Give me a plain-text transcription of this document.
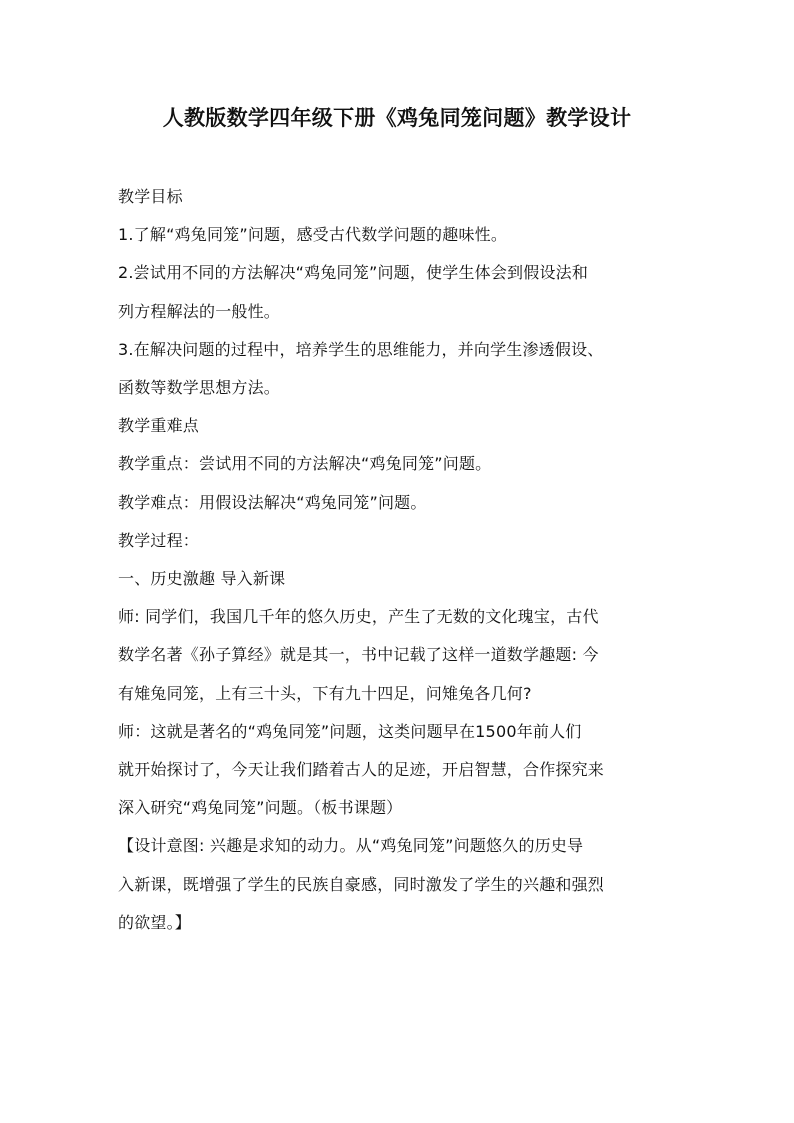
人教版数学四年级下册《鸡兔同笼问题》教学设计
教学目标
1.了解“鸡兔同笼”问题，感受古代数学问题的趣味性。
2.尝试用不同的方法解决“鸡兔同笼”问题，使学生体会到假设法和
列方程解法的一般性。
3.在解决问题的过程中，培养学生的思维能力，并向学生渗透假设、
函数等数学思想方法。
教学重难点
教学重点：尝试用不同的方法解决“鸡兔同笼”问题。
教学难点：用假设法解决“鸡兔同笼”问题。
教学过程：
一、历史激趣 导入新课
师: 同学们，我国几千年的悠久历史，产生了无数的文化瑰宝，古代
数学名著《孙子算经》就是其一，书中记载了这样一道数学趣题: 今
有雉兔同笼，上有三十头，下有九十四足，问雉兔各几何?
师：这就是著名的“鸡兔同笼”问题，这类问题早在1500年前人们
就开始探讨了，今天让我们踏着古人的足迹，开启智慧，合作探究来
深入研究“鸡兔同笼”问题。（板书课题）
【设计意图: 兴趣是求知的动力。从“鸡兔同笼”问题悠久的历史导
入新课，既增强了学生的民族自豪感，同时激发了学生的兴趣和强烈
的欲望。】
